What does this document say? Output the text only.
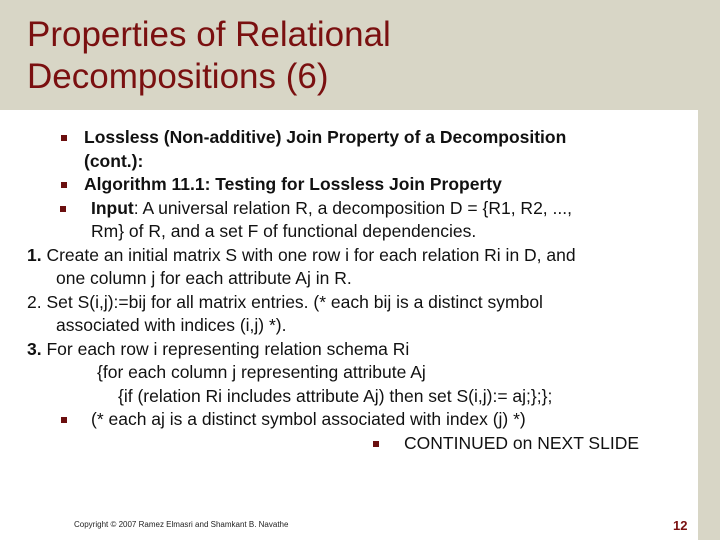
Properties of Relational
Decompositions (6)
Lossless (Non-additive) Join Property of a Decomposition
(cont.):
Algorithm 11.1: Testing for Lossless Join Property
Input: A universal relation R, a decomposition D = {R1, R2, ...,
Rm} of R, and a set F of functional dependencies.
1. Create an initial matrix S with one row i for each relation Ri in D, and
one column j for each attribute Aj in R.
2. Set S(i,j):=bij for all matrix entries. (* each bij is a distinct symbol
associated with indices (i,j) *).
3. For each row i representing relation schema Ri
{for each column j representing attribute Aj
{if (relation Ri includes attribute Aj) then set S(i,j):= aj;};};
(* each aj is a distinct symbol associated with index (j) *)
CONTINUED on NEXT SLIDE
Copyright © 2007 Ramez Elmasri and Shamkant B. Navathe	12
